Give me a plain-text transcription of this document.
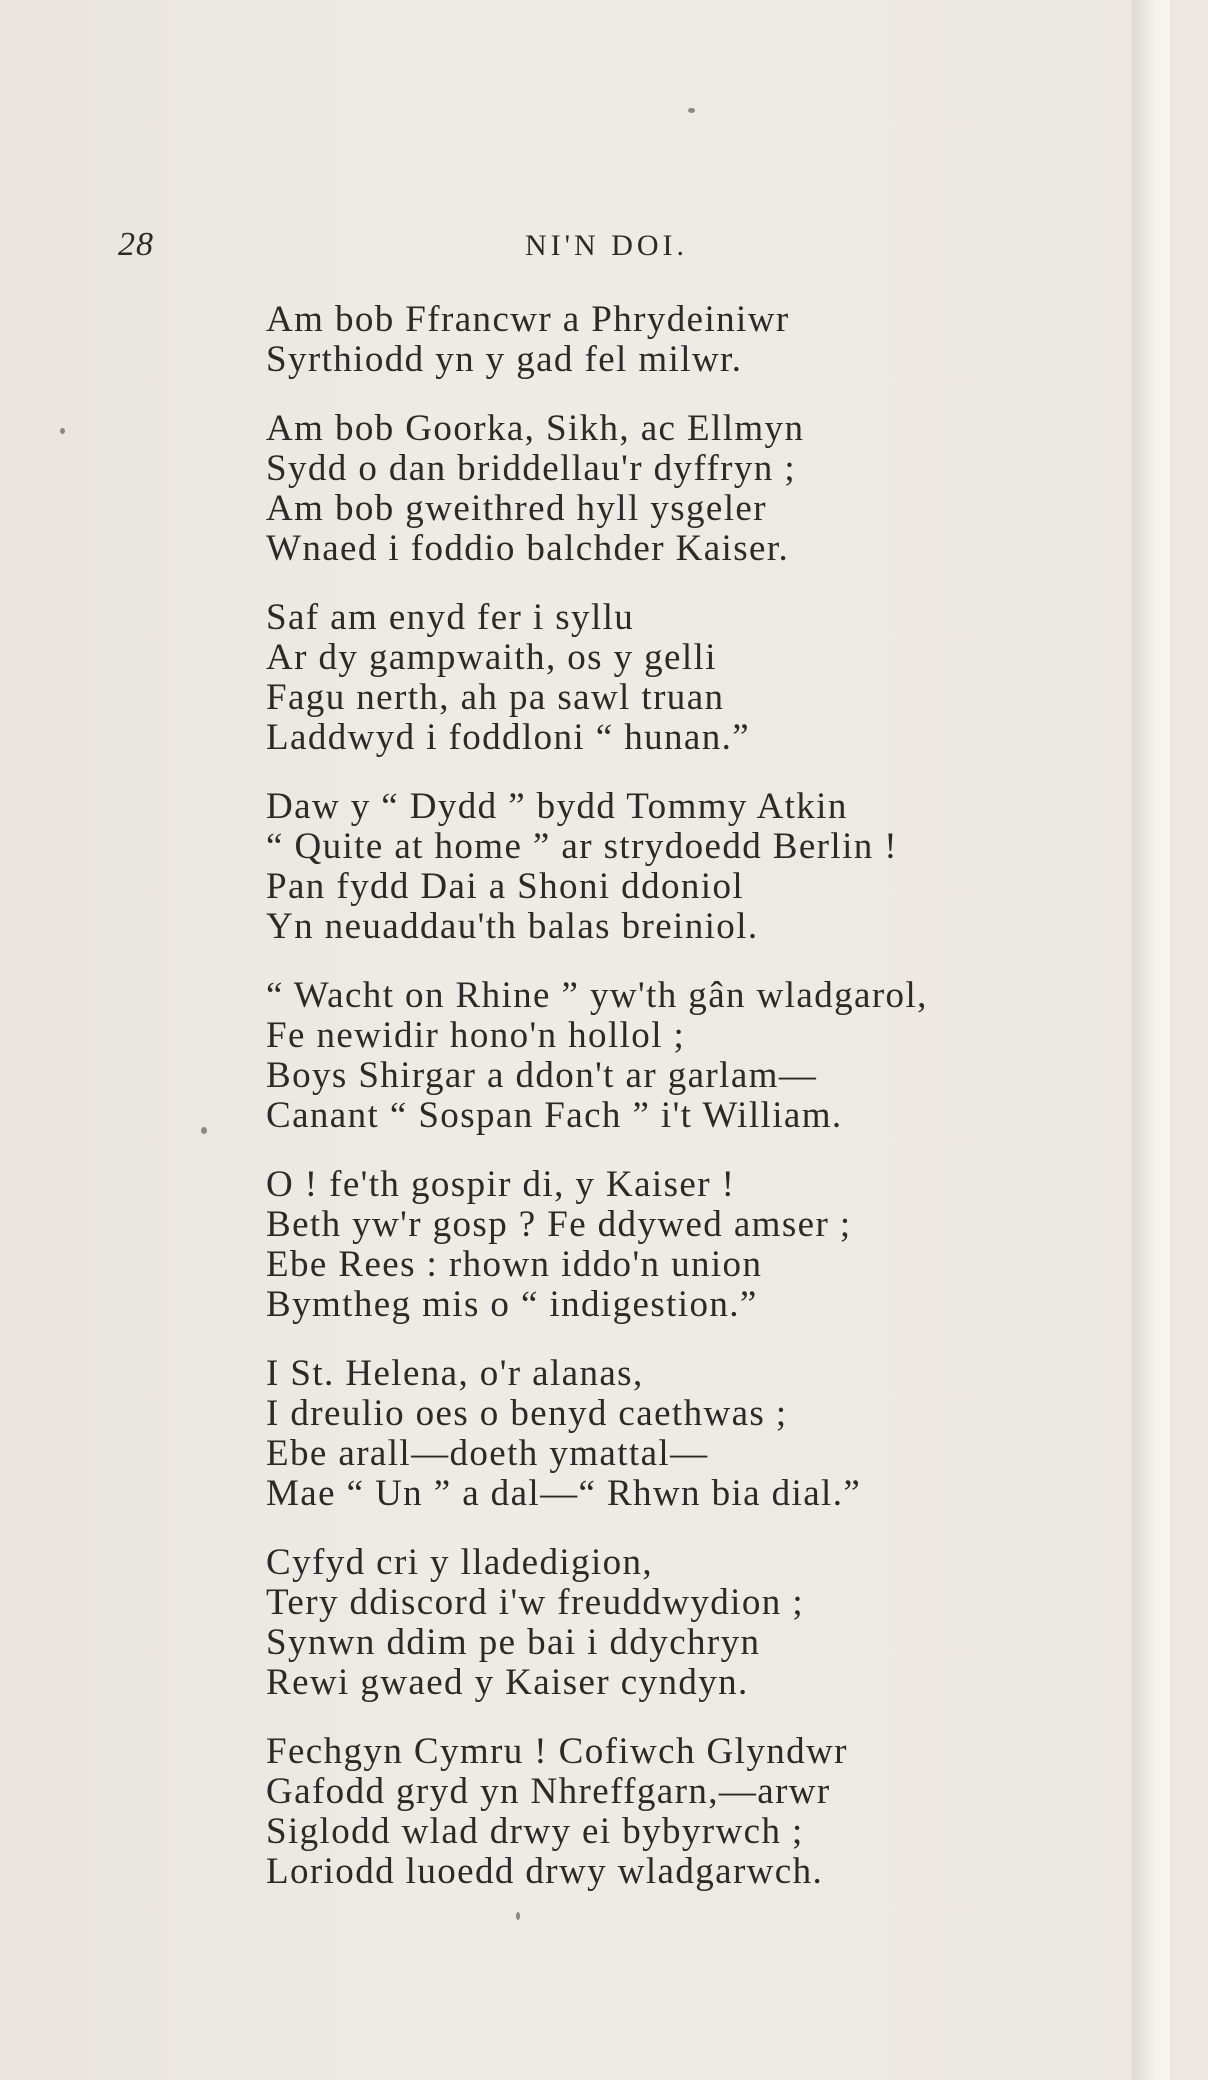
28	NI'N DOI.
Am bob Ffrancwr a Phrydeiniwr
Syrthiodd yn y gad fel milwr.
Am bob Goorka, Sikh, ac Ellmyn
Sydd o dan briddellau'r dyffryn ;
Am bob gweithred hyll ysgeler
Wnaed i foddio balchder Kaiser.
Saf am enyd fer i syllu
Ar dy gampwaith, os y gelli
Fagu nerth, ah pa sawl truan
Laddwyd i foddloni “ hunan.”
Daw y “ Dydd ” bydd Tommy Atkin
“ Quite at home ” ar strydoedd Berlin !
Pan fydd Dai a Shoni ddoniol
Yn neuaddau'th balas breiniol.
“ Wacht on Rhine ” yw'th gân wladgarol,
Fe newidir hono'n hollol ;
Boys Shirgar a ddon't ar garlam—
Canant “ Sospan Fach ” i't William.
O ! fe'th gospir di, y Kaiser !
Beth yw'r gosp ? Fe ddywed amser ;
Ebe Rees : rhown iddo'n union
Bymtheg mis o “ indigestion.”
I St. Helena, o'r alanas,
I dreulio oes o benyd caethwas ;
Ebe arall—doeth ymattal—
Mae “ Un ” a dal—“ Rhwn bia dial.”
Cyfyd cri y lladedigion,
Tery ddiscord i'w freuddwydion ;
Synwn ddim pe bai i ddychryn
Rewi gwaed y Kaiser cyndyn.
Fechgyn Cymru ! Cofiwch Glyndwr
Gafodd gryd yn Nhreffgarn,—arwr
Siglodd wlad drwy ei bybyrwch ;
Loriodd luoedd drwy wladgarwch.
